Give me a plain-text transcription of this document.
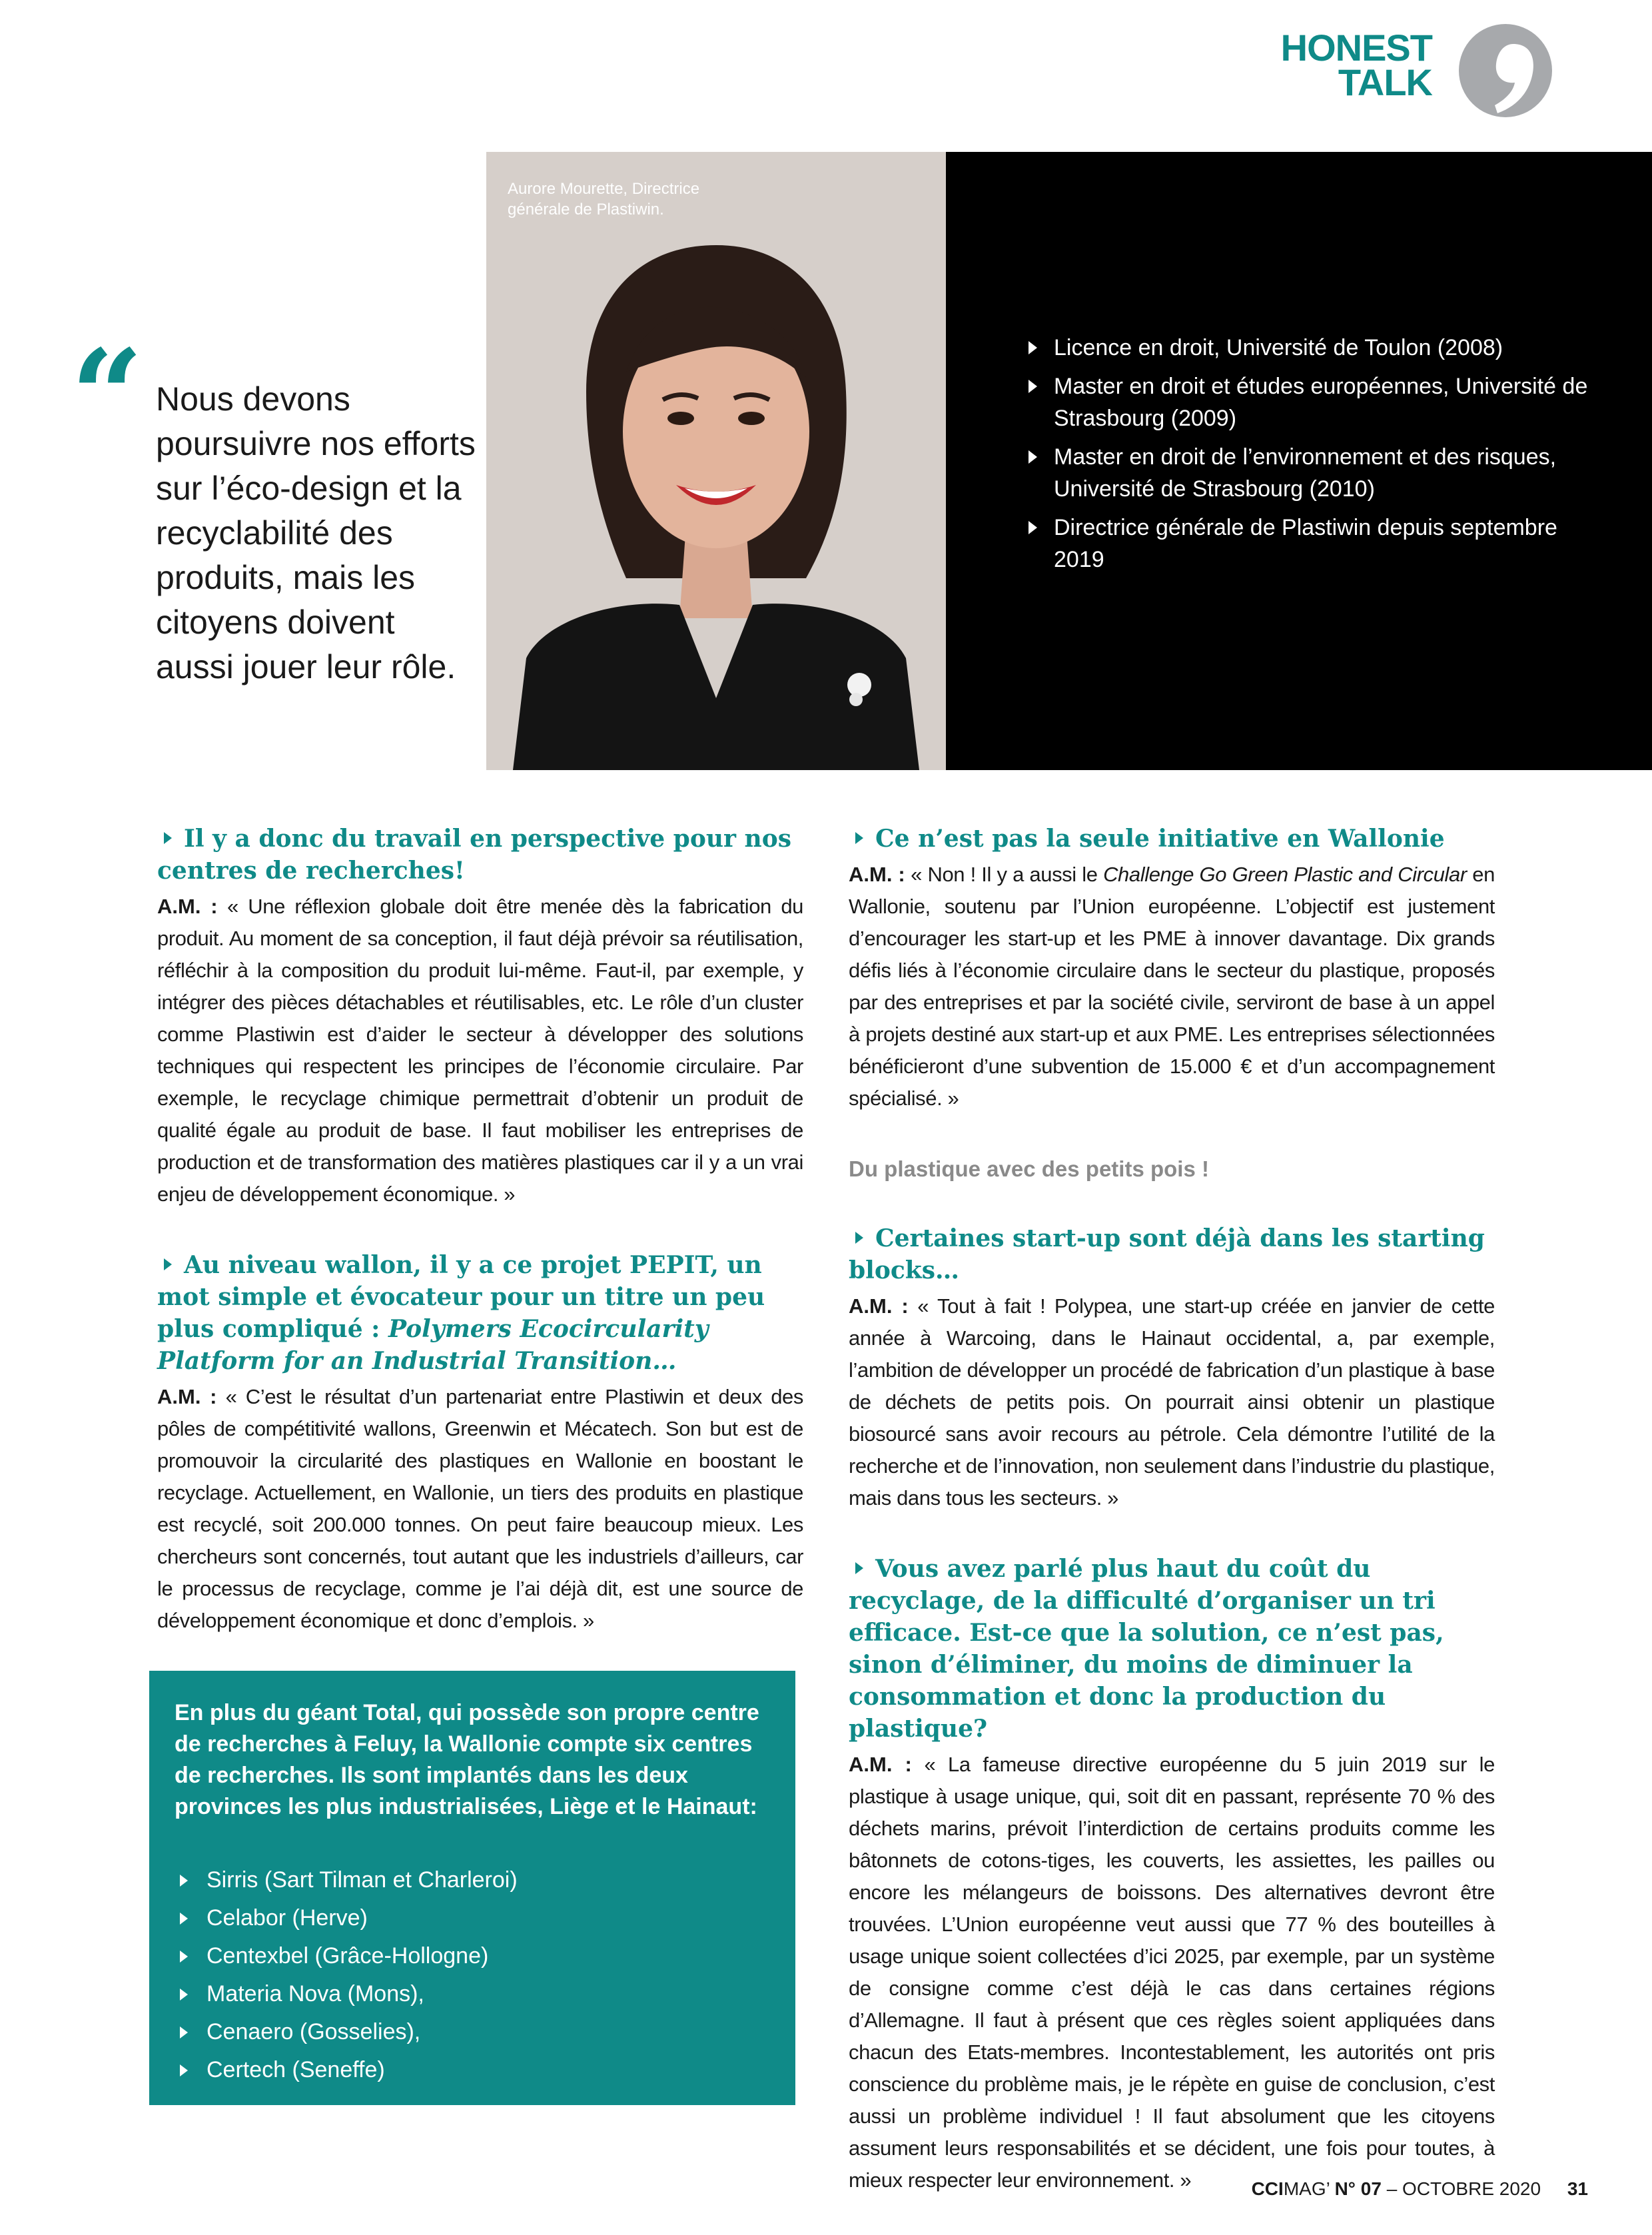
HONEST
TALK
Aurore Mourette, Directrice générale de Plastiwin.
Licence en droit, Université de Toulon (2008)
Master en droit et études européennes, Université de Strasbourg (2009)
Master en droit de l’environnement et des risques, Université de Strasbourg (2010)
Directrice générale de Plastiwin depuis septembre 2019
“ Nous devons poursuivre nos efforts sur l’éco-design et la recyclabilité des produits, mais les citoyens doivent aussi jouer leur rôle.

Il y a donc du travail en perspective pour nos centres de recherches!

A.M. : « Une réflexion globale doit être menée dès la fabrication du produit. Au moment de sa conception, il faut déjà prévoir sa réutilisation, réfléchir à la composition du produit lui-même. Faut-il, par exemple, y intégrer des pièces détachables et réutilisables, etc. Le rôle d’un cluster comme Plastiwin est d’aider le secteur à développer des solutions techniques qui respectent les principes de l’économie circulaire. Par exemple, le recyclage chimique permettrait d’obtenir un produit de qualité égale au produit de base. Il faut mobiliser les entreprises de production et de transformation des matières plastiques car il y a un vrai enjeu de développement économique. »

Au niveau wallon, il y a ce projet PEPIT, un mot simple et évocateur pour un titre un peu plus compliqué : Polymers Ecocircularity Platform for an Industrial Transition…

A.M. : « C’est le résultat d’un partenariat entre Plastiwin et deux des pôles de compétitivité wallons, Greenwin et Mécatech. Son but est de promouvoir la circularité des plastiques en Wallonie en boostant le recyclage. Actuellement, en Wallonie, un tiers des produits en plastique est recyclé, soit 200.000 tonnes. On peut faire beaucoup mieux. Les chercheurs sont concernés, tout autant que les industriels d’ailleurs, car le processus de recyclage, comme je l’ai déjà dit, est une source de développement économique et donc d’emplois. »

En plus du géant Total, qui possède son propre centre de recherches à Feluy, la Wallonie compte six centres de recherches. Ils sont implantés dans les deux provinces les plus industrialisées, Liège et le Hainaut:

Sirris (Sart Tilman et Charleroi)
Celabor (Herve)
Centexbel (Grâce-Hollogne)
Materia Nova (Mons),
Cenaero (Gosselies),
Certech (Seneffe)

Ce n’est pas la seule initiative en Wallonie

A.M. : « Non ! Il y a aussi le Challenge Go Green Plastic and Circular en Wallonie, soutenu par l’Union européenne. L’objectif est justement d’encourager les start-up et les PME à innover davantage. Dix grands défis liés à l’économie circulaire dans le secteur du plastique, proposés par des entreprises et par la société civile, serviront de base à un appel à projets destiné aux start-up et aux PME. Les entreprises sélectionnées bénéficieront d’une subvention de 15.000 € et d’un accompagnement spécialisé. »

Du plastique avec des petits pois !

Certaines start-up sont déjà dans les starting blocks…

A.M. : « Tout à fait ! Polypea, une start-up créée en janvier de cette année à Warcoing, dans le Hainaut occidental, a, par exemple, l’ambition de développer un procédé de fabrication d’un plastique à base de déchets de petits pois. On pourrait ainsi obtenir un plastique biosourcé sans avoir recours au pétrole. Cela démontre l’utilité de la recherche et de l’innovation, non seulement dans l’industrie du plastique, mais dans tous les secteurs. »

Vous avez parlé plus haut du coût du recyclage, de la difficulté d’organiser un tri efficace. Est-ce que la solution, ce n’est pas, sinon d’éliminer, du moins de diminuer la consommation et donc la production du plastique?

A.M. : « La fameuse directive européenne du 5 juin 2019 sur le plastique à usage unique, qui, soit dit en passant, représente 70 % des déchets marins, prévoit l’interdiction de certains produits comme les bâtonnets de cotons-tiges, les couverts, les assiettes, les pailles ou encore les mélangeurs de boissons. Des alternatives devront être trouvées. L’Union européenne veut aussi que 77 % des bouteilles à usage unique soient collectées d’ici 2025, par exemple, par un système de consigne comme c’est déjà le cas dans certaines régions d’Allemagne. Il faut à présent que ces règles soient appliquées dans chacun des Etats-membres. Incontestablement, les autorités ont pris conscience du problème mais, je le répète en guise de conclusion, c’est aussi un problème individuel ! Il faut absolument que les citoyens assument leurs responsabilités et se décident, une fois pour toutes, à mieux respecter leur environnement. »	CCIMAG’ N° 07 – OCTOBRE 2020 31
